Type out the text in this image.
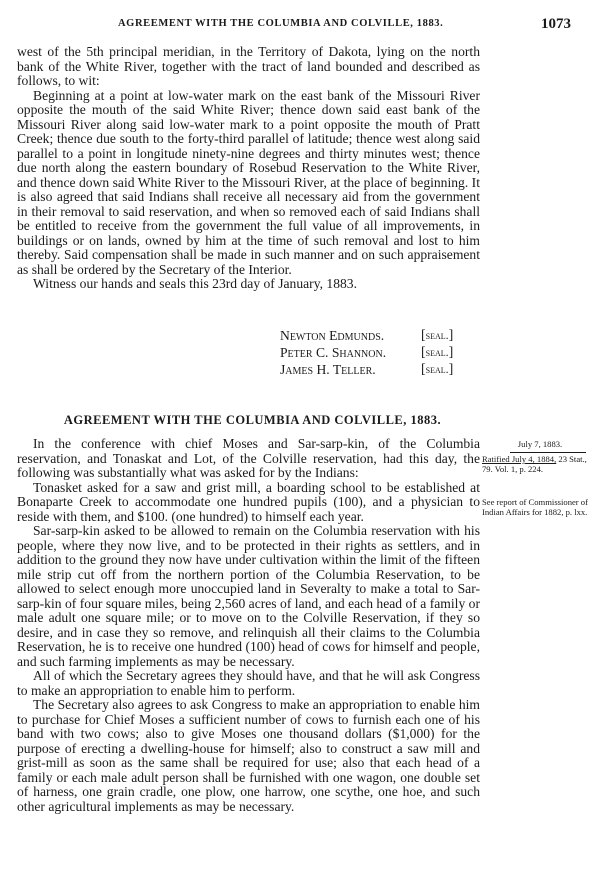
AGREEMENT WITH THE COLUMBIA AND COLVILLE, 1883.	1073

west of the 5th principal meridian, in the Territory of Dakota, lying on the north bank of the White River, together with the tract of land bounded and described as follows, to wit:

Beginning at a point at low-water mark on the east bank of the Missouri River opposite the mouth of the said White River; thence down said east bank of the Missouri River along said low-water mark to a point opposite the mouth of Pratt Creek; thence due south to the forty-third parallel of latitude; thence west along said parallel to a point in longitude ninety-nine degrees and thirty minutes west; thence due north along the eastern boundary of Rosebud Reservation to the White River, and thence down said White River to the Missouri River, at the place of beginning. It is also agreed that said Indians shall receive all necessary aid from the government in their removal to said reservation, and when so removed each of said Indians shall be entitled to receive from the government the full value of all improvements, in buildings or on lands, owned by him at the time of such removal and lost to him thereby. Said compensation shall be made in such manner and on such appraisement as shall be ordered by the Secretary of the Interior.

Witness our hands and seals this 23rd day of January, 1883.

Newton Edmunds.	[seal.]
Peter C. Shannon. [seal.]
James H. Teller.	[seal.]
AGREEMENT WITH THE COLUMBIA AND COLVILLE, 1883.

In the conference with chief Moses and Sar-sarp-kin, of the Columbia reservation, and Tonaskat and Lot, of the Colville reservation, had this day, the following was substantially what was asked for by the Indians:

Tonasket asked for a saw and grist mill, a boarding school to be established at Bonaparte Creek to accommodate one hundred pupils (100), and a physician to reside with them, and $100. (one hundred) to himself each year.

Sar-sarp-kin asked to be allowed to remain on the Columbia reservation with his people, where they now live, and to be protected in their rights as settlers, and in addition to the ground they now have under cultivation within the limit of the fifteen mile strip cut off from the northern portion of the Columbia Reservation, to be allowed to select enough more unoccupied land in Severalty to make a total to Sar-sarp-kin of four square miles, being 2,560 acres of land, and each head of a family or male adult one square mile; or to move on to the Colville Reservation, if they so desire, and in case they so remove, and relinquish all their claims to the Columbia Reservation, he is to receive one hundred (100) head of cows for himself and people, and such farming implements as may be necessary.

All of which the Secretary agrees they should have, and that he will ask Congress to make an appropriation to enable him to perform.

The Secretary also agrees to ask Congress to make an appropriation to enable him to purchase for Chief Moses a sufficient number of cows to furnish each one of his band with two cows; also to give Moses one thousand dollars ($1,000) for the purpose of erecting a dwelling-house for himself; also to construct a saw mill and grist-mill as soon as the same shall be required for use; also that each head of a family or each male adult person shall be furnished with one wagon, one double set of harness, one grain cradle, one plow, one harrow, one scythe, one hoe, and such other agricultural implements as may be necessary.

July 7, 1883.
Ratified July 4, 1884, 23 Stat., 79. Vol. 1, p. 224.
See report of Commissioner of Indian Affairs for 1882, p. lxx.
